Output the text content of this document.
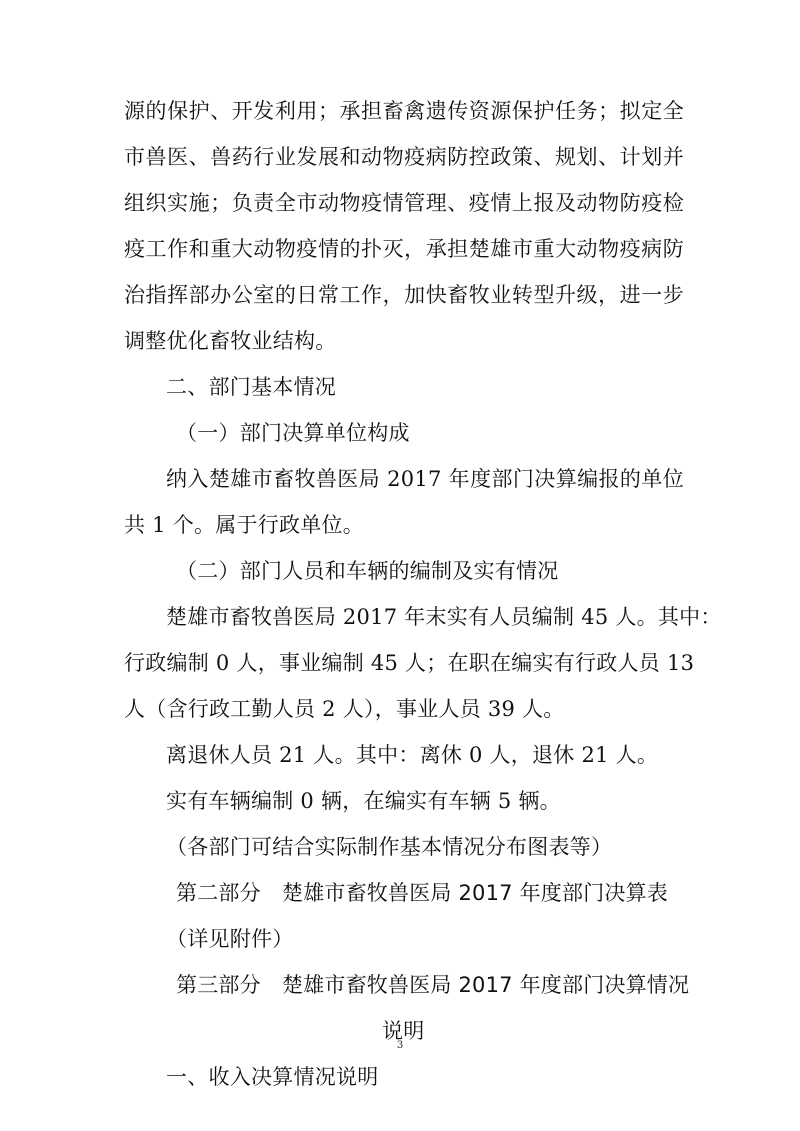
源的保护、开发利用；承担畜禽遗传资源保护任务；拟定全
市兽医、兽药行业发展和动物疫病防控政策、规划、计划并
组织实施；负责全市动物疫情管理、疫情上报及动物防疫检
疫工作和重大动物疫情的扑灭，承担楚雄市重大动物疫病防
治指挥部办公室的日常工作，加快畜牧业转型升级，进一步
调整优化畜牧业结构。
二、部门基本情况
（一）部门决算单位构成
纳入楚雄市畜牧兽医局 2017 年度部门决算编报的单位
共 1 个。属于行政单位。
（二）部门人员和车辆的编制及实有情况
楚雄市畜牧兽医局 2017 年末实有人员编制 45 人。其中：
行政编制 0 人，事业编制 45 人；在职在编实有行政人员 13
人（含行政工勤人员 2 人），事业人员 39 人。
离退休人员 21 人。其中：离休 0 人，退休 21 人。
实有车辆编制 0 辆，在编实有车辆 5 辆。
（各部门可结合实际制作基本情况分布图表等）
第二部分　楚雄市畜牧兽医局 2017 年度部门决算表
（详见附件）
第三部分　楚雄市畜牧兽医局 2017 年度部门决算情况
说明
一、收入决算情况说明
3
